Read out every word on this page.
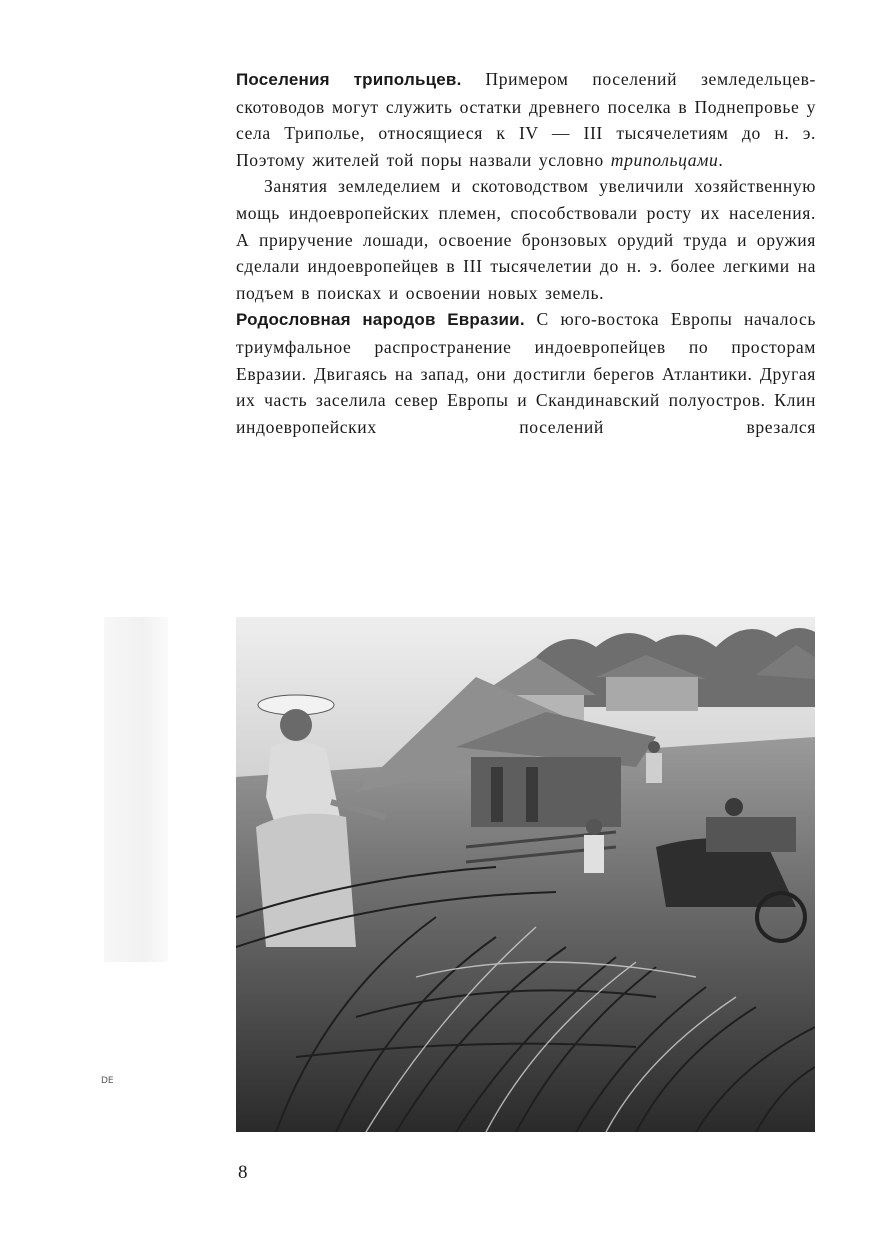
Поселения трипольцев. Примером поселений земледельцев-скотоводов могут служить остатки древнего поселка в Поднепровье у села Триполье, относящиеся к IV — III тысячелетиям до н. э. Поэтому жителей той поры назвали условно трипольцами.

Занятия земледелием и скотоводством увеличили хозяйственную мощь индоевропейских племен, способствовали росту их населения. А приручение лошади, освоение бронзовых орудий труда и оружия сделали индоевропейцев в III тысячелетии до н. э. более легкими на подъем в поисках и освоении новых земель.

Родословная народов Евразии. С юго-востока Европы началось триумфальное распространение индоевропейцев по просторам Евразии. Двигаясь на запад, они достигли берегов Атлантики. Другая их часть заселила север Европы и Скандинавский полуостров. Клин индоевропейских поселений врезался

DE
8
